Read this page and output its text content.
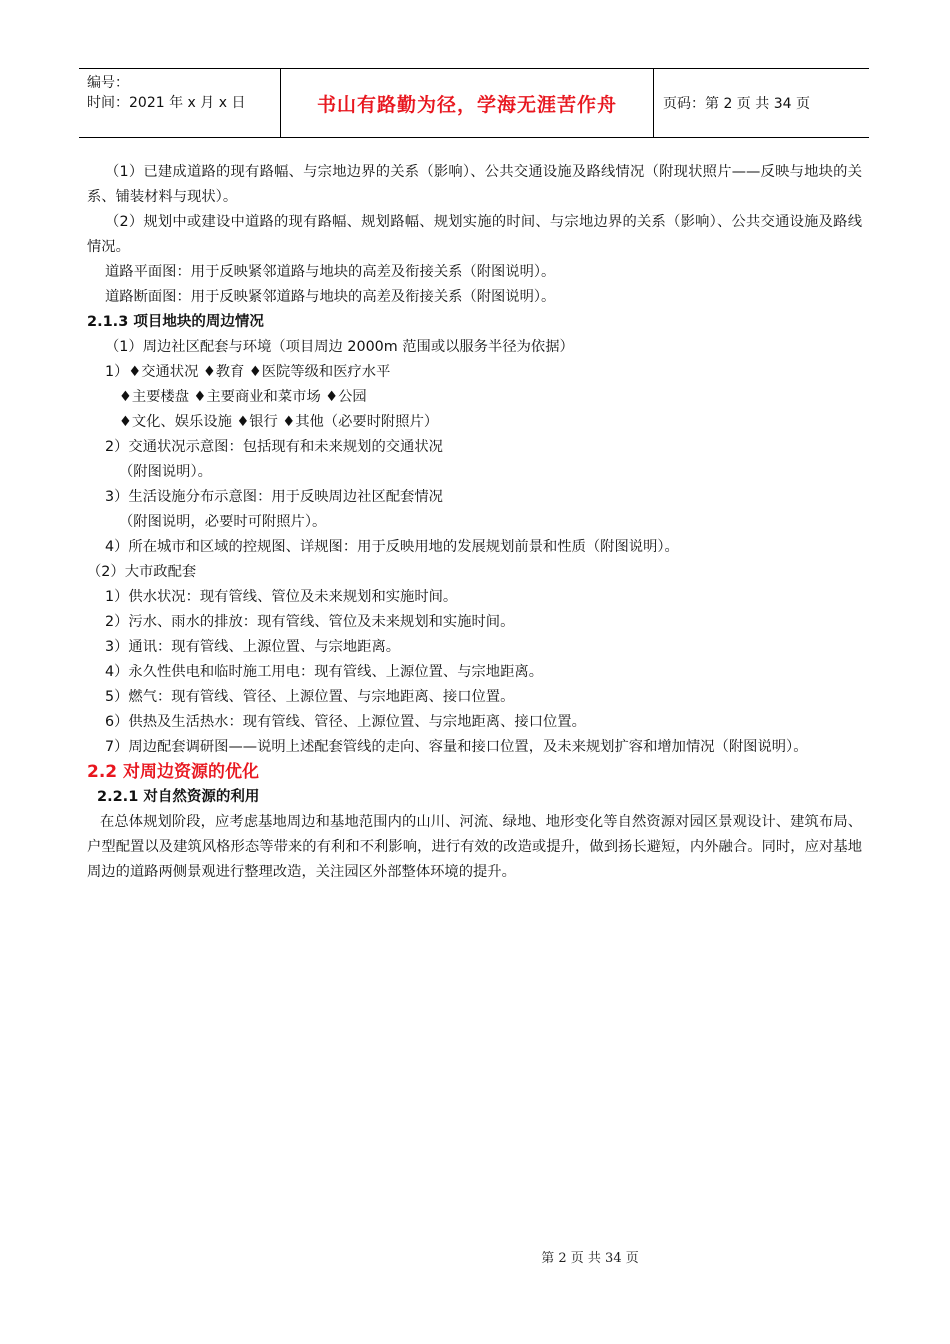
编号：
时间：2021 年 x 月 x 日	书山有路勤为径，学海无涯苦作舟	页码：第 2 页 共 34 页
（1）已建成道路的现有路幅、与宗地边界的关系（影响）、公共交通设施及路线情况（附现状照片——反映与地块的关系、铺装材料与现状）。
（2）规划中或建设中道路的现有路幅、规划路幅、规划实施的时间、与宗地边界的关系（影响）、公共交通设施及路线情况。
道路平面图：用于反映紧邻道路与地块的高差及衔接关系（附图说明）。
道路断面图：用于反映紧邻道路与地块的高差及衔接关系（附图说明）。
2.1.3 项目地块的周边情况
（1）周边社区配套与环境（项目周边 2000m 范围或以服务半径为依据）
1）♦交通状况 ♦教育 ♦医院等级和医疗水平
♦主要楼盘 ♦主要商业和菜市场 ♦公园
♦文化、娱乐设施 ♦银行 ♦其他（必要时附照片）
2）交通状况示意图：包括现有和未来规划的交通状况
（附图说明）。
3）生活设施分布示意图：用于反映周边社区配套情况
（附图说明，必要时可附照片）。
4）所在城市和区域的控规图、详规图：用于反映用地的发展规划前景和性质（附图说明）。
（2）大市政配套
1）供水状况：现有管线、管位及未来规划和实施时间。
2）污水、雨水的排放：现有管线、管位及未来规划和实施时间。
3）通讯：现有管线、上源位置、与宗地距离。
4）永久性供电和临时施工用电：现有管线、上源位置、与宗地距离。
5）燃气：现有管线、管径、上源位置、与宗地距离、接口位置。
6）供热及生活热水：现有管线、管径、上源位置、与宗地距离、接口位置。
7）周边配套调研图——说明上述配套管线的走向、容量和接口位置，及未来规划扩容和增加情况（附图说明）。
2.2 对周边资源的优化
2.2.1 对自然资源的利用
在总体规划阶段，应考虑基地周边和基地范围内的山川、河流、绿地、地形变化等自然资源对园区景观设计、建筑布局、户型配置以及建筑风格形态等带来的有利和不利影响，进行有效的改造或提升，做到扬长避短，内外融合。同时，应对基地周边的道路两侧景观进行整理改造，关注园区外部整体环境的提升。
第 2 页 共 34 页
